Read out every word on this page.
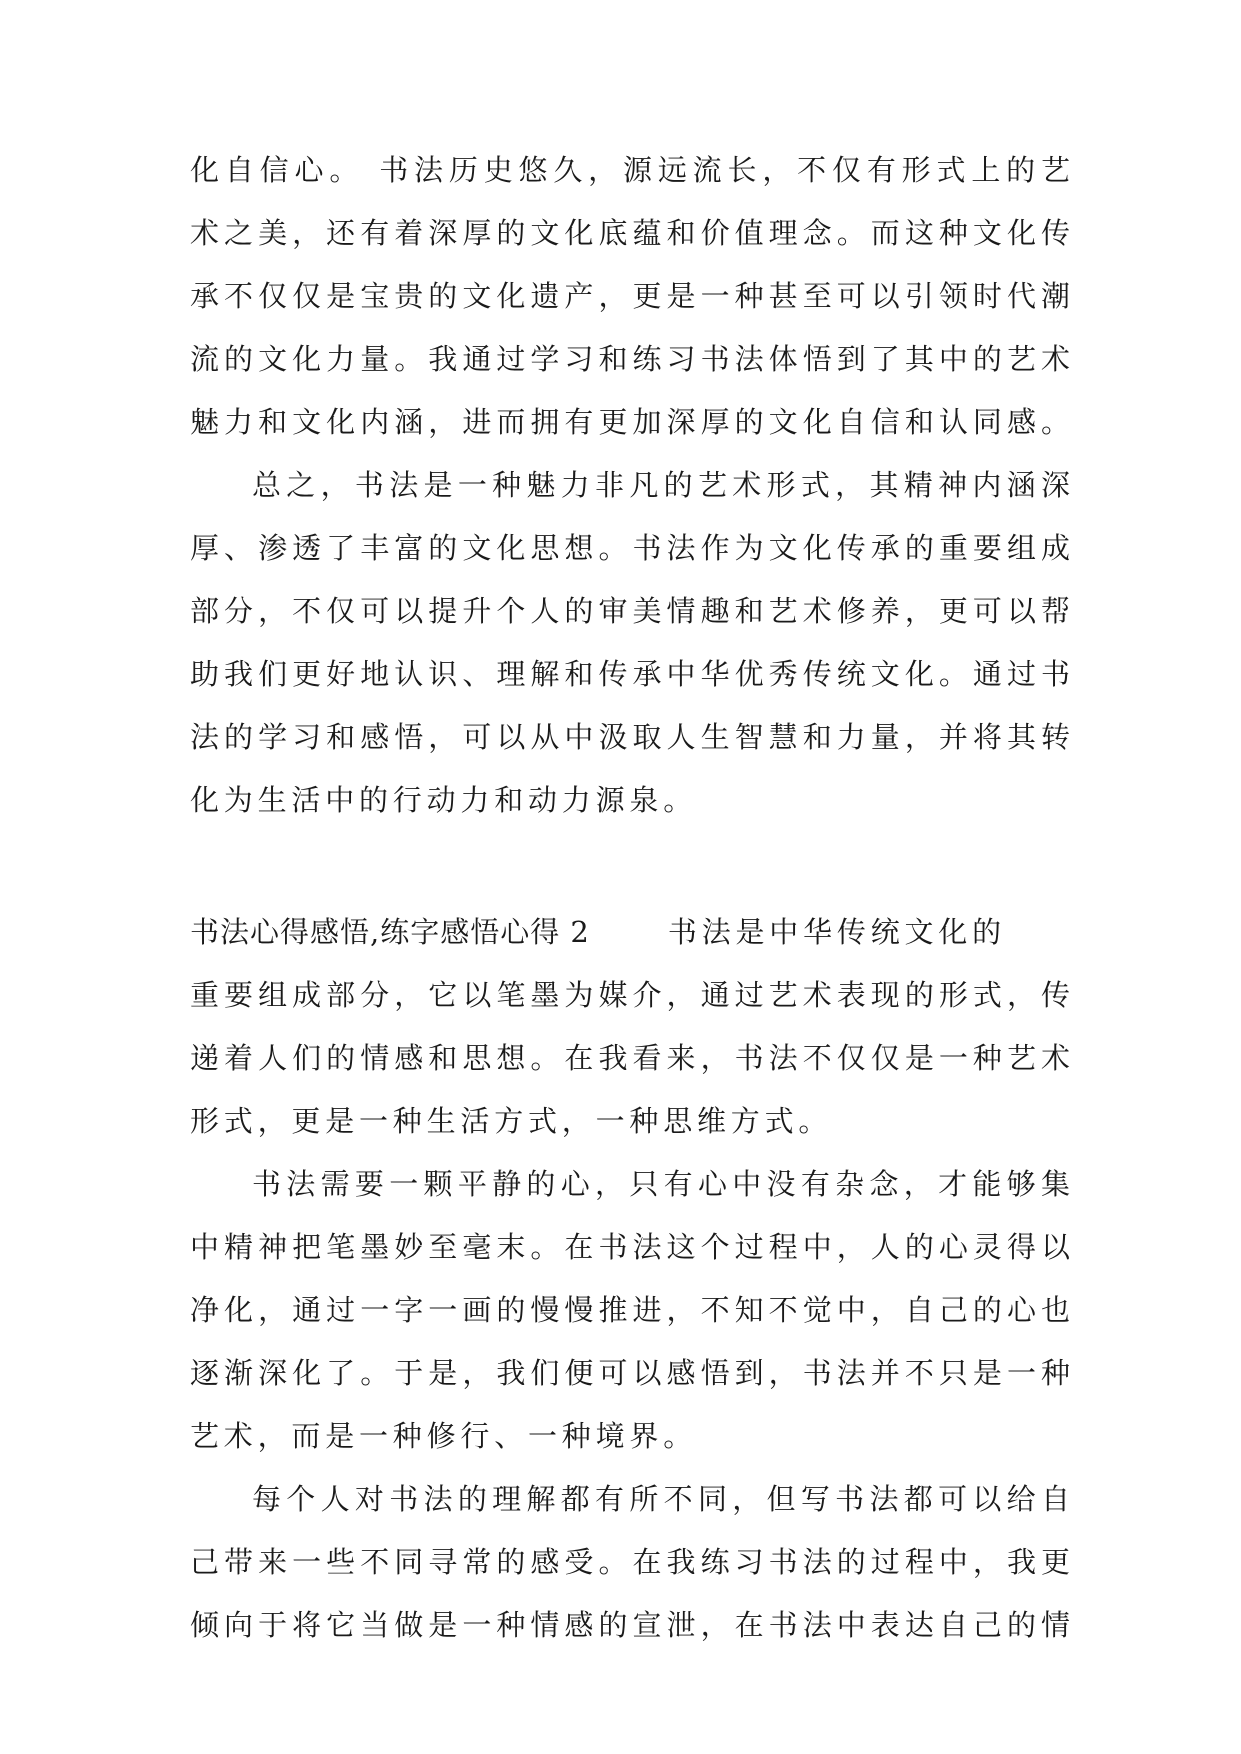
化自信心。 书法历史悠久，源远流长，不仅有形式上的艺
术之美，还有着深厚的文化底蕴和价值理念。而这种文化传
承不仅仅是宝贵的文化遗产，更是一种甚至可以引领时代潮
流的文化力量。我通过学习和练习书法体悟到了其中的艺术
魅力和文化内涵，进而拥有更加深厚的文化自信和认同感。
总之，书法是一种魅力非凡的艺术形式，其精神内涵深
厚、渗透了丰富的文化思想。书法作为文化传承的重要组成
部分，不仅可以提升个人的审美情趣和艺术修养，更可以帮
助我们更好地认识、理解和传承中华优秀传统文化。通过书
法的学习和感悟，可以从中汲取人生智慧和力量，并将其转
化为生活中的行动力和动力源泉。
书法心得感悟,练字感悟心得 2	书法是中华传统文化的
重要组成部分，它以笔墨为媒介，通过艺术表现的形式，传
递着人们的情感和思想。在我看来，书法不仅仅是一种艺术
形式，更是一种生活方式，一种思维方式。
书法需要一颗平静的心，只有心中没有杂念，才能够集
中精神把笔墨妙至毫末。在书法这个过程中，人的心灵得以
净化，通过一字一画的慢慢推进，不知不觉中，自己的心也
逐渐深化了。于是，我们便可以感悟到，书法并不只是一种
艺术，而是一种修行、一种境界。
每个人对书法的理解都有所不同，但写书法都可以给自
己带来一些不同寻常的感受。在我练习书法的过程中，我更
倾向于将它当做是一种情感的宣泄，在书法中表达自己的情
